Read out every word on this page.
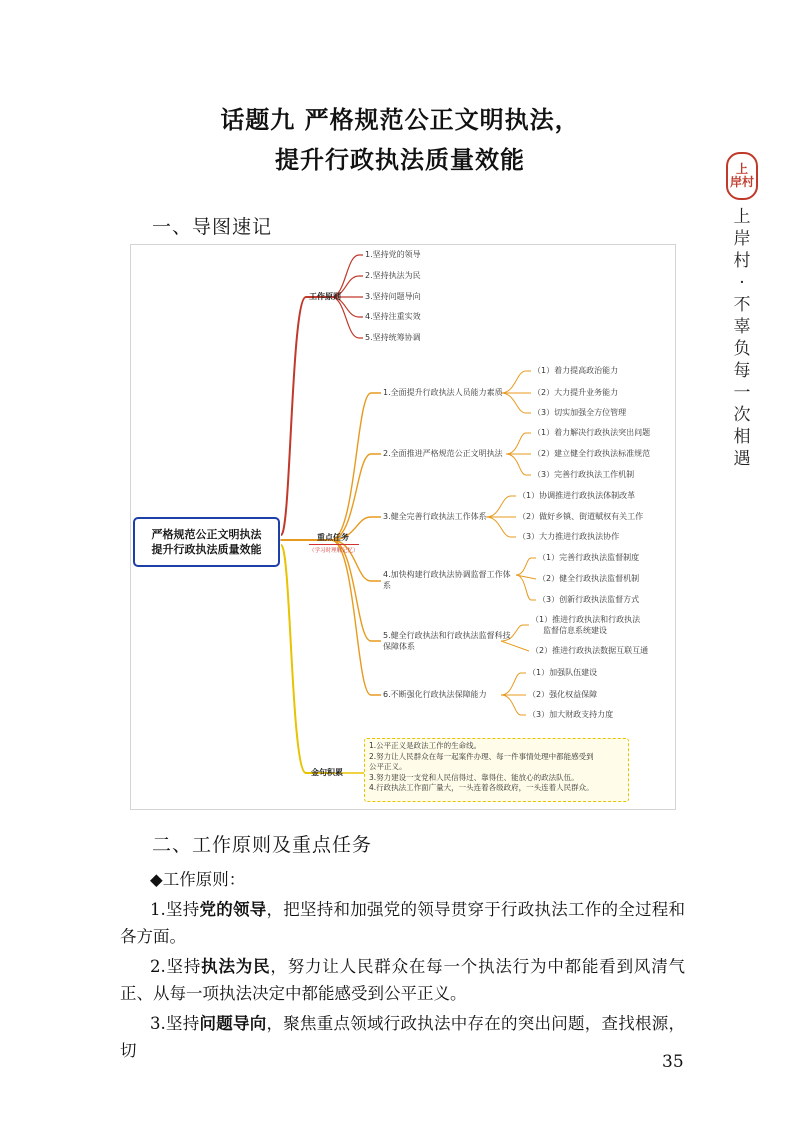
话题九 严格规范公正文明执法，
提升行政执法质量效能	上
岸村
上
岸
村
·
不
辜
负
每
一
次
相
遇
一、导图速记
严格规范公正文明执法
提升行政执法质量效能
工作原则
1.坚持党的领导
2.坚持执法为民
3.坚持问题导向
4.坚持注重实效
5.坚持统筹协调
重点任务
（学习时理解记忆）
1.全面提升行政执法人员能力素质
（1）着力提高政治能力
（2）大力提升业务能力
（3）切实加强全方位管理
2.全面推进严格规范公正文明执法
（1）着力解决行政执法突出问题
（2）建立健全行政执法标准规范
（3）完善行政执法工作机制
3.健全完善行政执法工作体系
（1）协调推进行政执法体制改革
（2）做好乡镇、街道赋权有关工作
（3）大力推进行政执法协作
4.加快构建行政执法协调监督工作体
系
（1）完善行政执法监督制度
（2）健全行政执法监督机制
（3）创新行政执法监督方式
5.健全行政执法和行政执法监督科技
保障体系
（1）推进行政执法和行政执法
监督信息系统建设
（2）推进行政执法数据互联互通
6.不断强化行政执法保障能力
（1）加强队伍建设
（2）强化权益保障
（3）加大财政支持力度
金句积累
1.公平正义是政法工作的生命线。
2.努力让人民群众在每一起案件办理、每一件事情处理中都能感受到
公平正义。
3.努力建设一支党和人民信得过、靠得住、能放心的政法队伍。
4.行政执法工作面广量大，一头连着各级政府，一头连着人民群众。
二、工作原则及重点任务

◆工作原则：

1.坚持党的领导，把坚持和加强党的领导贯穿于行政执法工作的全过程和各方面。

2.坚持执法为民，努力让人民群众在每一个执法行为中都能看到风清气正、从每一项执法决定中都能感受到公平正义。

3.坚持问题导向，聚焦重点领域行政执法中存在的突出问题，查找根源，切

35
